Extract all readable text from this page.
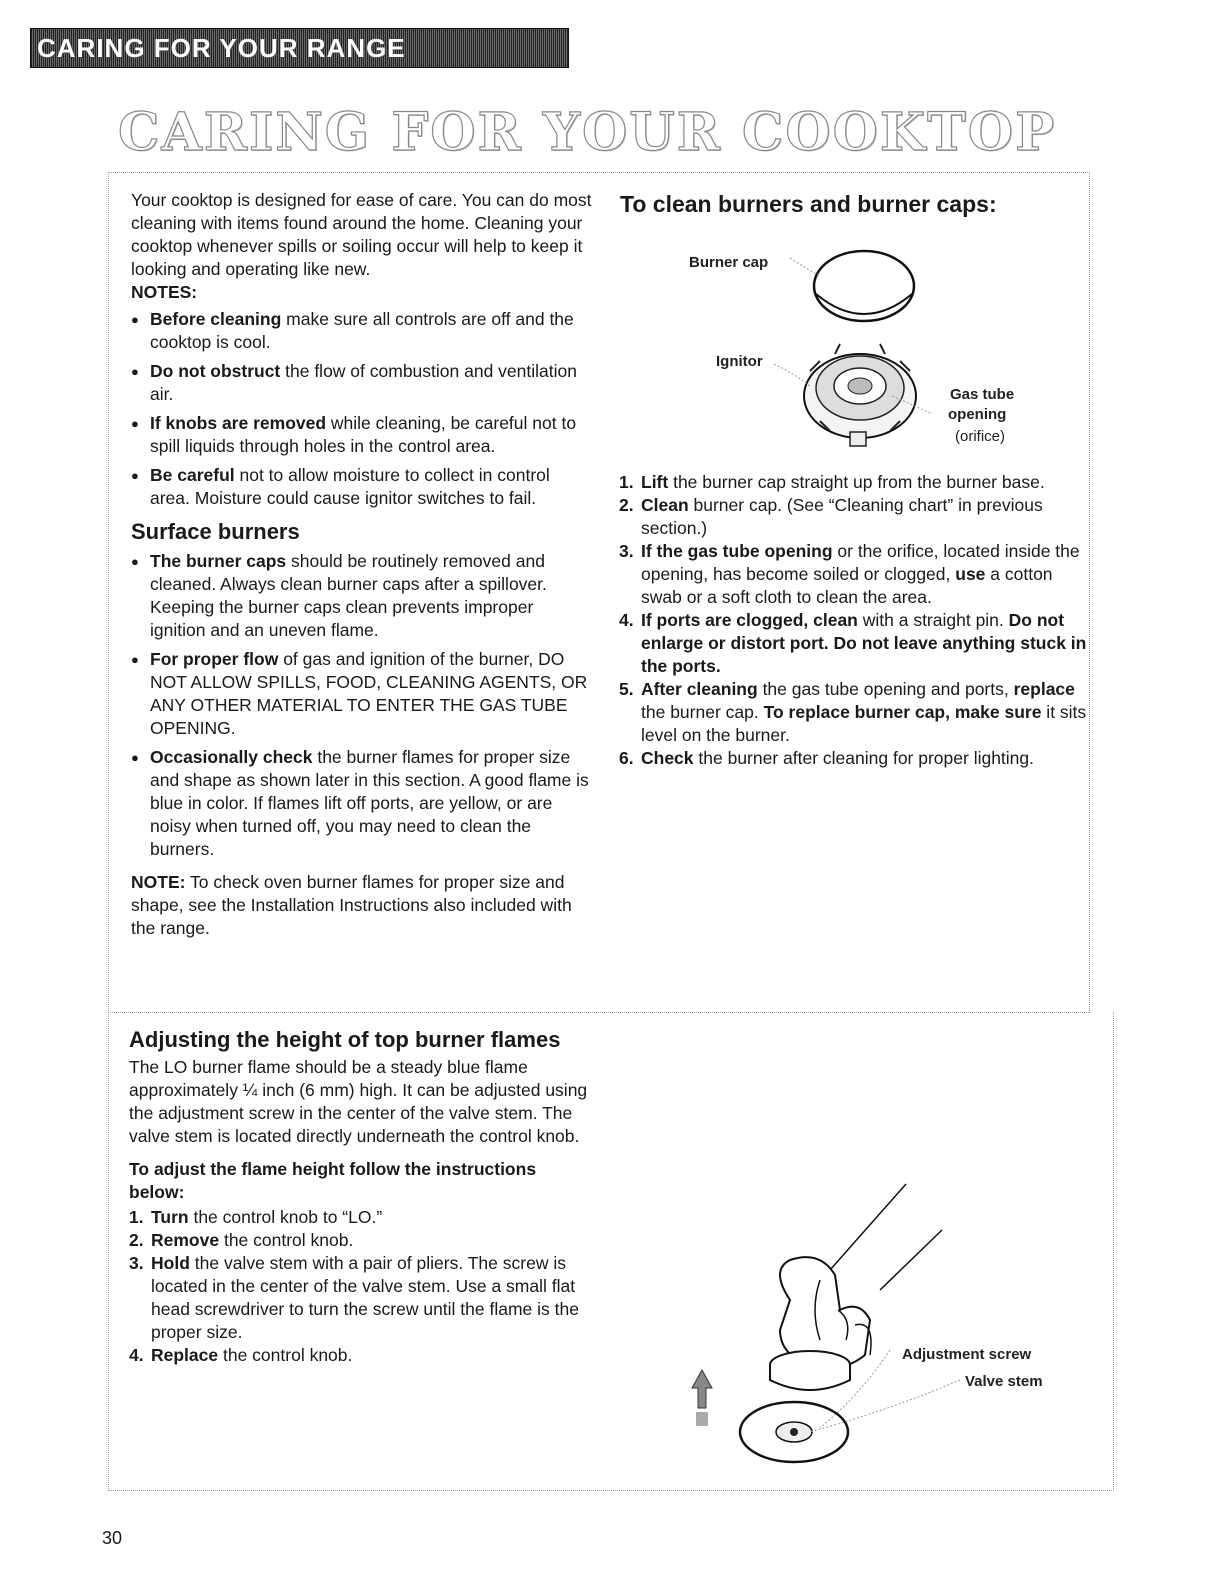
CARING FOR YOUR RANGE
CARING FOR YOUR COOKTOP

Your cooktop is designed for ease of care. You can do most cleaning with items found around the home. Cleaning your cooktop whenever spills or soiling occur will help to keep it looking and operating like new.

NOTES:

● Before cleaning make sure all controls are off and the cooktop is cool.
● Do not obstruct the flow of combustion and ventilation air.
● If knobs are removed while cleaning, be careful not to spill liquids through holes in the control area.
● Be careful not to allow moisture to collect in control area. Moisture could cause ignitor switches to fail.
Surface burners
● The burner caps should be routinely removed and cleaned. Always clean burner caps after a spillover. Keeping the burner caps clean prevents improper ignition and an uneven flame.
● For proper flow of gas and ignition of the burner, DO NOT ALLOW SPILLS, FOOD, CLEANING AGENTS, OR ANY OTHER MATERIAL TO ENTER THE GAS TUBE OPENING.
● Occasionally check the burner flames for proper size and shape as shown later in this section. A good flame is blue in color. If flames lift off ports, are yellow, or are noisy when turned off, you may need to clean the burners.

NOTE: To check oven burner flames for proper size and shape, see the Installation Instructions also included with the range.

To clean burners and burner caps:
Burner cap
Ignitor
Gas tube
opening
(orifice)
1. Lift the burner cap straight up from the burner base.
2. Clean burner cap. (See “Cleaning chart” in previous section.)
3. If the gas tube opening or the orifice, located inside the opening, has become soiled or clogged, use a cotton swab or a soft cloth to clean the area.
4. If ports are clogged, clean with a straight pin. Do not enlarge or distort port. Do not leave anything stuck in the ports.
5. After cleaning the gas tube opening and ports, replace the burner cap. To replace burner cap, make sure it sits level on the burner.
6. Check the burner after cleaning for proper lighting.
Adjusting the height of top burner flames

The LO burner flame should be a steady blue flame approximately ¼ inch (6 mm) high. It can be adjusted using the adjustment screw in the center of the valve stem. The valve stem is located directly underneath the control knob.

To adjust the flame height follow the instructions below:

1. Turn the control knob to “LO.”
2. Remove the control knob.
3. Hold the valve stem with a pair of pliers. The screw is located in the center of the valve stem. Use a small flat head screwdriver to turn the screw until the flame is the proper size.
4. Replace the control knob.	Adjustment screw
Valve stem
30
